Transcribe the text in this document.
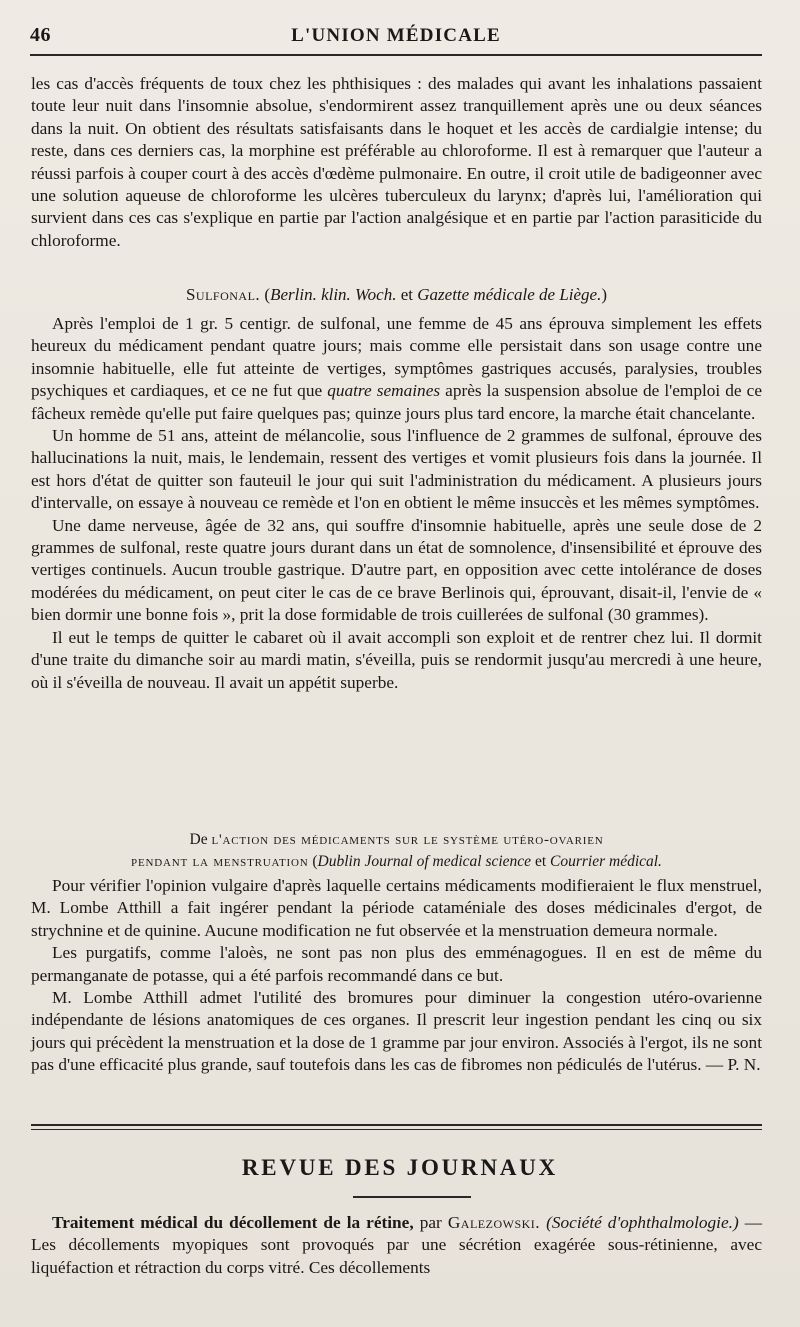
46	L'UNION MÉDICALE

les cas d'accès fréquents de toux chez les phthisiques : des malades qui avant les inhalations passaient toute leur nuit dans l'insomnie absolue, s'endormirent assez tranquillement après une ou deux séances dans la nuit. On obtient des résultats satisfaisants dans le hoquet et les accès de cardialgie intense; du reste, dans ces derniers cas, la morphine est préférable au chloroforme. Il est à remarquer que l'auteur a réussi parfois à couper court à des accès d'œdème pulmonaire. En outre, il croit utile de badigeonner avec une solution aqueuse de chloroforme les ulcères tuberculeux du larynx; d'après lui, l'amélioration qui survient dans ces cas s'explique en partie par l'action analgésique et en partie par l'action parasiticide du chloroforme.

Sulfonal. (Berlin. klin. Woch. et Gazette médicale de Liège.)

Après l'emploi de 1 gr. 5 centigr. de sulfonal, une femme de 45 ans éprouva simplement les effets heureux du médicament pendant quatre jours; mais comme elle persistait dans son usage contre une insomnie habituelle, elle fut atteinte de vertiges, symptômes gastriques accusés, paralysies, troubles psychiques et cardiaques, et ce ne fut que quatre semaines après la suspension absolue de l'emploi de ce fâcheux remède qu'elle put faire quelques pas; quinze jours plus tard encore, la marche était chancelante.

Un homme de 51 ans, atteint de mélancolie, sous l'influence de 2 grammes de sulfonal, éprouve des hallucinations la nuit, mais, le lendemain, ressent des vertiges et vomit plusieurs fois dans la journée. Il est hors d'état de quitter son fauteuil le jour qui suit l'administration du médicament. A plusieurs jours d'intervalle, on essaye à nouveau ce remède et l'on en obtient le même insuccès et les mêmes symptômes.

Une dame nerveuse, âgée de 32 ans, qui souffre d'insomnie habituelle, après une seule dose de 2 grammes de sulfonal, reste quatre jours durant dans un état de somnolence, d'insensibilité et éprouve des vertiges continuels. Aucun trouble gastrique. D'autre part, en opposition avec cette intolérance de doses modérées du médicament, on peut citer le cas de ce brave Berlinois qui, éprouvant, disait-il, l'envie de « bien dormir une bonne fois », prit la dose formidable de trois cuillerées de sulfonal (30 grammes).

Il eut le temps de quitter le cabaret où il avait accompli son exploit et de rentrer chez lui. Il dormit d'une traite du dimanche soir au mardi matin, s'éveilla, puis se rendormit jusqu'au mercredi à une heure, où il s'éveilla de nouveau. Il avait un appétit superbe.

De l'action des médicaments sur le système utéro-ovarien
pendant la menstruation (Dublin Journal of medical science et Courrier médical.

Pour vérifier l'opinion vulgaire d'après laquelle certains médicaments modifieraient le flux menstruel, M. Lombe Atthill a fait ingérer pendant la période cataméniale des doses médicinales d'ergot, de strychnine et de quinine. Aucune modification ne fut observée et la menstruation demeura normale.

Les purgatifs, comme l'aloès, ne sont pas non plus des emménagogues. Il en est de même du permanganate de potasse, qui a été parfois recommandé dans ce but.

M. Lombe Atthill admet l'utilité des bromures pour diminuer la congestion utéro-ovarienne indépendante de lésions anatomiques de ces organes. Il prescrit leur ingestion pendant les cinq ou six jours qui précèdent la menstruation et la dose de 1 gramme par jour environ. Associés à l'ergot, ils ne sont pas d'une efficacité plus grande, sauf toutefois dans les cas de fibromes non pédiculés de l'utérus. — P. N.

REVUE DES JOURNAUX

Traitement médical du décollement de la rétine, par Galezowski. (Société d'ophthalmologie.) — Les décollements myopiques sont provoqués par une sécrétion exagérée sous-rétinienne, avec liquéfaction et rétraction du corps vitré. Ces décollements
